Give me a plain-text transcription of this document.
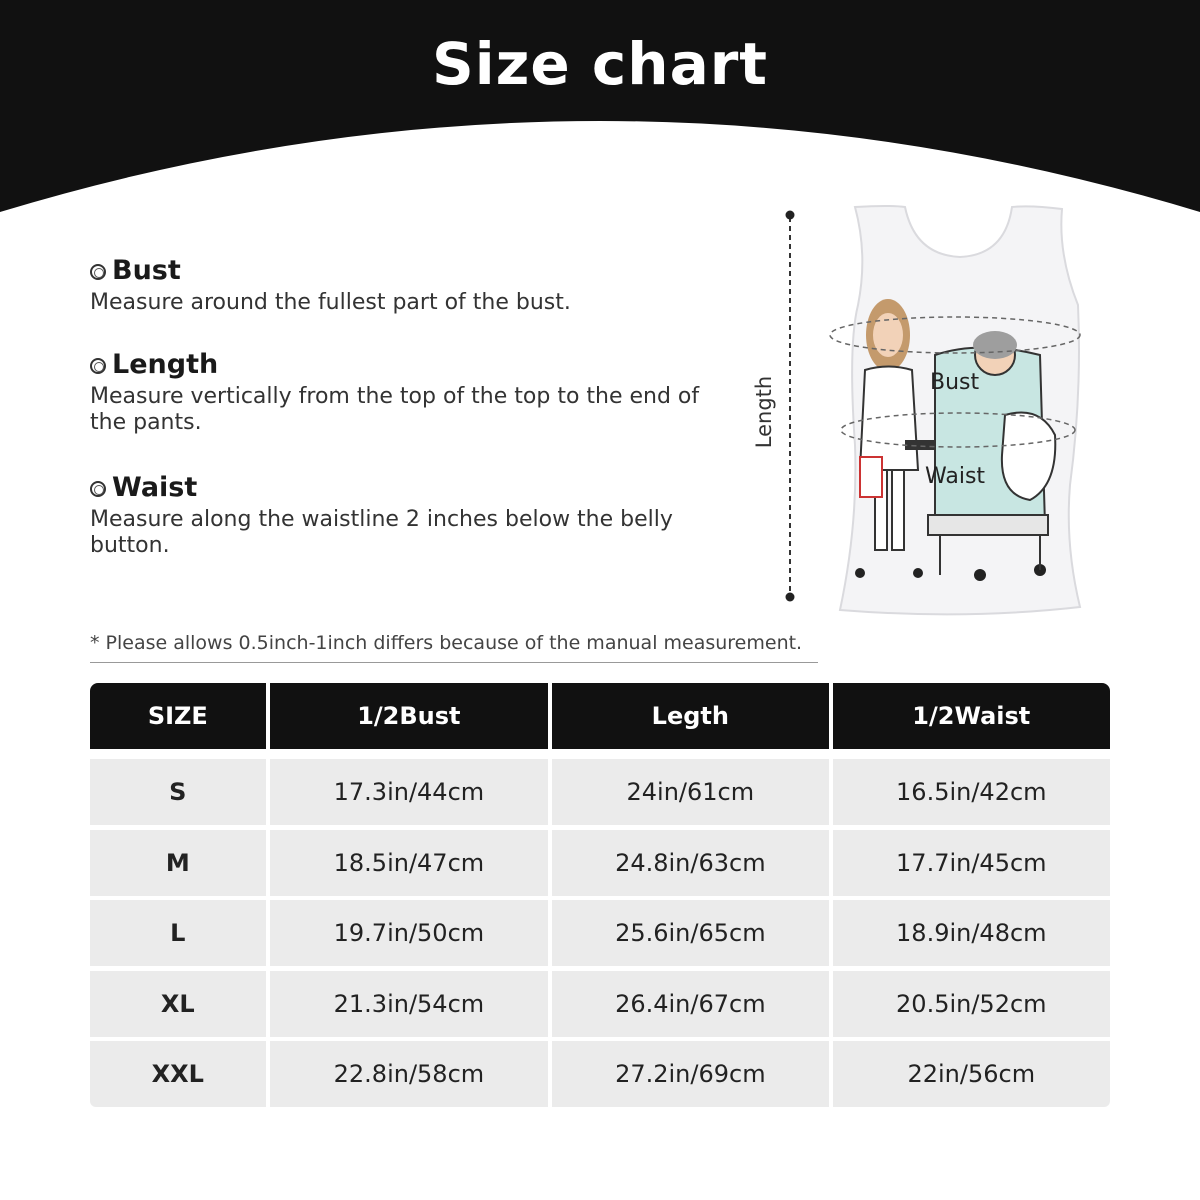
Size chart
Bust
Measure around the fullest part of the bust.
Length
Measure vertically from the top of the top to the end of
the pants.
Waist
Measure along the waistline 2 inches below the belly
button.
Length	Bust
Waist
* Please allows 0.5inch-1inch differs because of the manual measurement.
SIZE	1/2Bust	Legth	1/2Waist
S	17.3in/44cm	24in/61cm	16.5in/42cm
M	18.5in/47cm	24.8in/63cm	17.7in/45cm
L	19.7in/50cm	25.6in/65cm	18.9in/48cm
XL	21.3in/54cm	26.4in/67cm	20.5in/52cm
XXL	22.8in/58cm	27.2in/69cm	22in/56cm
